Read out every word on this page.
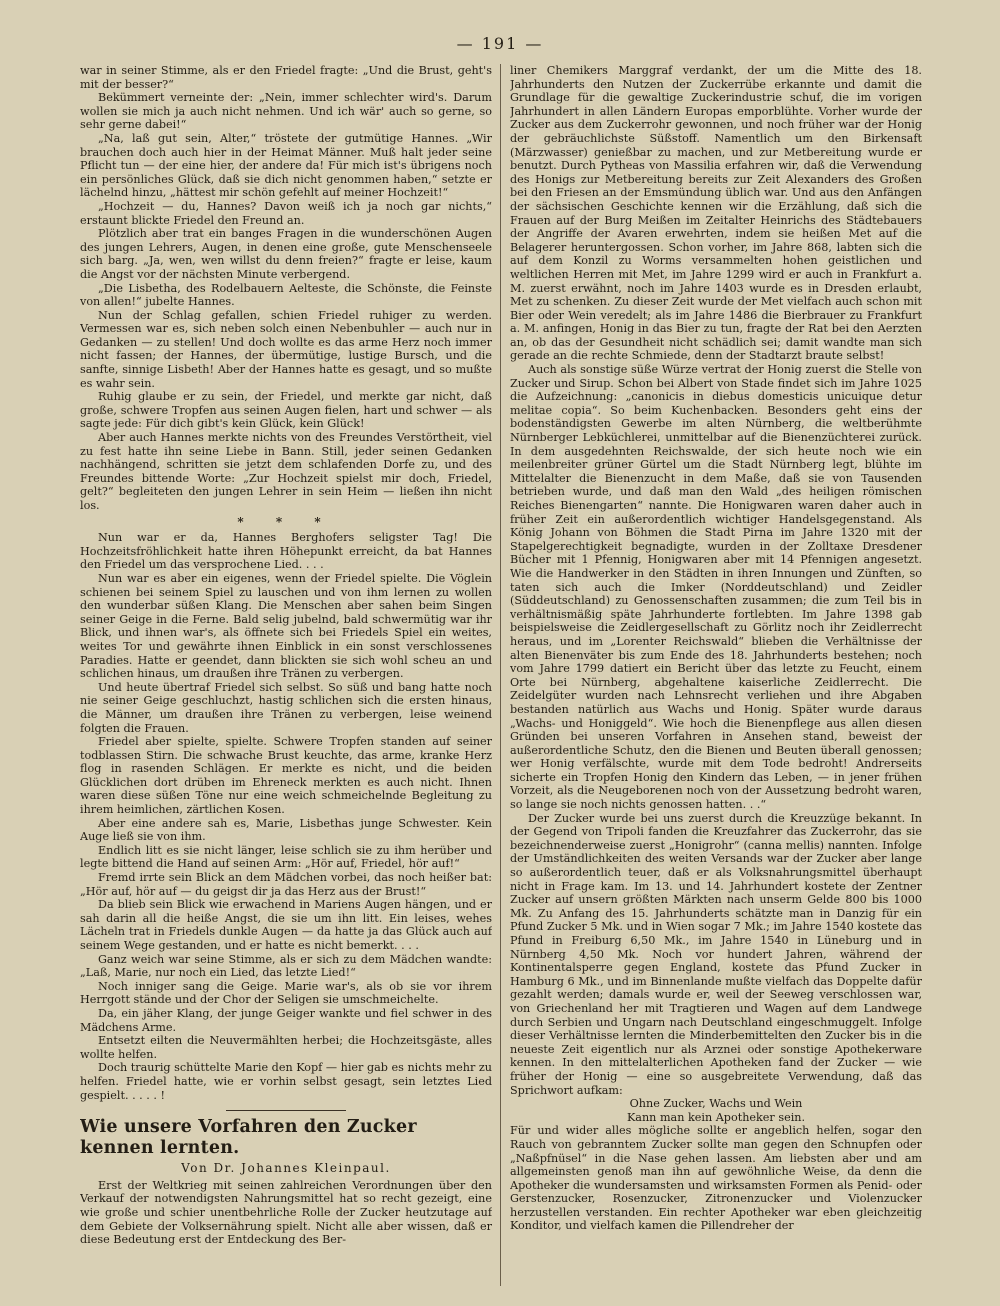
— 191 —

war in seiner Stimme, als er den Friedel fragte: „Und die Brust, geht's mit der besser?“

Bekümmert verneinte der: „Nein, immer schlechter wird's. Darum wollen sie mich ja auch nicht nehmen. Und ich wär' auch so gerne, so sehr gerne dabei!“

„Na, laß gut sein, Alter,“ tröstete der gutmütige Hannes. „Wir brauchen doch auch hier in der Heimat Männer. Muß halt jeder seine Pflicht tun — der eine hier, der andere da! Für mich ist's übrigens noch ein persönliches Glück, daß sie dich nicht genommen haben,“ setzte er lächelnd hinzu, „hättest mir schön gefehlt auf meiner Hochzeit!“

„Hochzeit — du, Hannes? Davon weiß ich ja noch gar nichts,“ erstaunt blickte Friedel den Freund an.

Plötzlich aber trat ein banges Fragen in die wunderschönen Augen des jungen Lehrers, Augen, in denen eine große, gute Menschenseele sich barg. „Ja, wen, wen willst du denn freien?“ fragte er leise, kaum die Angst vor der nächsten Minute verbergend.

„Die Lisbetha, des Rodelbauern Aelteste, die Schönste, die Feinste von allen!“ jubelte Hannes.

Nun der Schlag gefallen, schien Friedel ruhiger zu werden. Vermessen war es, sich neben solch einen Nebenbuhler — auch nur in Gedanken — zu stellen! Und doch wollte es das arme Herz noch immer nicht fassen; der Hannes, der übermütige, lustige Bursch, und die sanfte, sinnige Lisbeth! Aber der Hannes hatte es gesagt, und so mußte es wahr sein.

Ruhig glaube er zu sein, der Friedel, und merkte gar nicht, daß große, schwere Tropfen aus seinen Augen fielen, hart und schwer — als sagte jede: Für dich gibt's kein Glück, kein Glück!

Aber auch Hannes merkte nichts von des Freundes Verstörtheit, viel zu fest hatte ihn seine Liebe in Bann. Still, jeder seinen Gedanken nachhängend, schritten sie jetzt dem schlafenden Dorfe zu, und des Freundes bittende Worte: „Zur Hochzeit spielst mir doch, Friedel, gelt?“ begleiteten den jungen Lehrer in sein Heim — ließen ihn nicht los.

* * *

Nun war er da, Hannes Berghofers seligster Tag! Die Hochzeitsfröhlichkeit hatte ihren Höhepunkt erreicht, da bat Hannes den Friedel um das versprochene Lied. . . .

Nun war es aber ein eigenes, wenn der Friedel spielte. Die Vöglein schienen bei seinem Spiel zu lauschen und von ihm lernen zu wollen den wunderbar süßen Klang. Die Menschen aber sahen beim Singen seiner Geige in die Ferne. Bald selig jubelnd, bald schwermütig war ihr Blick, und ihnen war's, als öffnete sich bei Friedels Spiel ein weites, weites Tor und gewährte ihnen Einblick in ein sonst verschlossenes Paradies. Hatte er geendet, dann blickten sie sich wohl scheu an und schlichen hinaus, um draußen ihre Tränen zu verbergen.

Und heute übertraf Friedel sich selbst. So süß und bang hatte noch nie seiner Geige geschluchzt, hastig schlichen sich die ersten hinaus, die Männer, um draußen ihre Tränen zu verbergen, leise weinend folgten die Frauen.

Friedel aber spielte, spielte. Schwere Tropfen standen auf seiner todblassen Stirn. Die schwache Brust keuchte, das arme, kranke Herz flog in rasenden Schlägen. Er merkte es nicht, und die beiden Glücklichen dort drüben im Ehreneck merkten es auch nicht. Ihnen waren diese süßen Töne nur eine weich schmeichelnde Begleitung zu ihrem heimlichen, zärtlichen Kosen.

Aber eine andere sah es, Marie, Lisbethas junge Schwester. Kein Auge ließ sie von ihm.

Endlich litt es sie nicht länger, leise schlich sie zu ihm herüber und legte bittend die Hand auf seinen Arm: „Hör auf, Friedel, hör auf!“

Fremd irrte sein Blick an dem Mädchen vorbei, das noch heißer bat: „Hör auf, hör auf — du geigst dir ja das Herz aus der Brust!“

Da blieb sein Blick wie erwachend in Mariens Augen hängen, und er sah darin all die heiße Angst, die sie um ihn litt. Ein leises, wehes Lächeln trat in Friedels dunkle Augen — da hatte ja das Glück auch auf seinem Wege gestanden, und er hatte es nicht bemerkt. . . .

Ganz weich war seine Stimme, als er sich zu dem Mädchen wandte: „Laß, Marie, nur noch ein Lied, das letzte Lied!“

Noch inniger sang die Geige. Marie war's, als ob sie vor ihrem Herrgott stände und der Chor der Seligen sie umschmeichelte.

Da, ein jäher Klang, der junge Geiger wankte und fiel schwer in des Mädchens Arme.

Entsetzt eilten die Neuvermählten herbei; die Hochzeitsgäste, alles wollte helfen.

Doch traurig schüttelte Marie den Kopf — hier gab es nichts mehr zu helfen. Friedel hatte, wie er vorhin selbst gesagt, sein letztes Lied gespielt. . . . . !

Wie unsere Vorfahren den Zucker kennen lernten.
Von Dr. Johannes Kleinpaul.

Erst der Weltkrieg mit seinen zahlreichen Verordnungen über den Verkauf der notwendigsten Nahrungsmittel hat so recht gezeigt, eine wie große und schier unentbehrliche Rolle der Zucker heutzutage auf dem Gebiete der Volksernährung spielt. Nicht alle aber wissen, daß er diese Bedeutung erst der Entdeckung des Ber-

liner Chemikers Marggraf verdankt, der um die Mitte des 18. Jahrhunderts den Nutzen der Zuckerrübe erkannte und damit die Grundlage für die gewaltige Zuckerindustrie schuf, die im vorigen Jahrhundert in allen Ländern Europas emporblühte. Vorher wurde der Zucker aus dem Zuckerrohr gewonnen, und noch früher war der Honig der gebräuchlichste Süßstoff. Namentlich um den Birkensaft (Märzwasser) genießbar zu machen, und zur Metbereitung wurde er benutzt. Durch Pytheas von Massilia erfahren wir, daß die Verwendung des Honigs zur Metbereitung bereits zur Zeit Alexanders des Großen bei den Friesen an der Emsmündung üblich war. Und aus den Anfängen der sächsischen Geschichte kennen wir die Erzählung, daß sich die Frauen auf der Burg Meißen im Zeitalter Heinrichs des Städtebauers der Angriffe der Avaren erwehrten, indem sie heißen Met auf die Belagerer heruntergossen. Schon vorher, im Jahre 868, labten sich die auf dem Konzil zu Worms versammelten hohen geistlichen und weltlichen Herren mit Met, im Jahre 1299 wird er auch in Frankfurt a. M. zuerst erwähnt, noch im Jahre 1403 wurde es in Dresden erlaubt, Met zu schenken. Zu dieser Zeit wurde der Met vielfach auch schon mit Bier oder Wein veredelt; als im Jahre 1486 die Bierbrauer zu Frankfurt a. M. anfingen, Honig in das Bier zu tun, fragte der Rat bei den Aerzten an, ob das der Gesundheit nicht schädlich sei; damit wandte man sich gerade an die rechte Schmiede, denn der Stadtarzt braute selbst!

Auch als sonstige süße Würze vertrat der Honig zuerst die Stelle von Zucker und Sirup. Schon bei Albert von Stade findet sich im Jahre 1025 die Aufzeichnung: „canonicis in diebus domesticis unicuique detur melitae copia“. So beim Kuchenbacken. Besonders geht eins der bodenständigsten Gewerbe im alten Nürnberg, die weltberühmte Nürnberger Lebküchlerei, unmittelbar auf die Bienenzüchterei zurück. In dem ausgedehnten Reichswalde, der sich heute noch wie ein meilenbreiter grüner Gürtel um die Stadt Nürnberg legt, blühte im Mittelalter die Bienenzucht in dem Maße, daß sie von Tausenden betrieben wurde, und daß man den Wald „des heiligen römischen Reiches Bienengarten“ nannte. Die Honigwaren waren daher auch in früher Zeit ein außerordentlich wichtiger Handelsgegenstand. Als König Johann von Böhmen die Stadt Pirna im Jahre 1320 mit der Stapelgerechtigkeit begnadigte, wurden in der Zolltaxe Dresdener Bücher mit 1 Pfennig, Honigwaren aber mit 14 Pfennigen angesetzt. Wie die Handwerker in den Städten in ihren Innungen und Zünften, so taten sich auch die Imker (Norddeutschland) und Zeidler (Süddeutschland) zu Genossenschaften zusammen; die zum Teil bis in verhältnismäßig späte Jahrhunderte fortlebten. Im Jahre 1398 gab beispielsweise die Zeidlergesellschaft zu Görlitz noch ihr Zeidlerrecht heraus, und im „Lorenter Reichswald“ blieben die Verhältnisse der alten Bienenväter bis zum Ende des 18. Jahrhunderts bestehen; noch vom Jahre 1799 datiert ein Bericht über das letzte zu Feucht, einem Orte bei Nürnberg, abgehaltene kaiserliche Zeidlerrecht. Die Zeidelgüter wurden nach Lehnsrecht verliehen und ihre Abgaben bestanden natürlich aus Wachs und Honig. Später wurde daraus „Wachs- und Honiggeld“. Wie hoch die Bienenpflege aus allen diesen Gründen bei unseren Vorfahren in Ansehen stand, beweist der außerordentliche Schutz, den die Bienen und Beuten überall genossen; wer Honig verfälschte, wurde mit dem Tode bedroht! Andrerseits sicherte ein Tropfen Honig den Kindern das Leben, — in jener frühen Vorzeit, als die Neugeborenen noch von der Aussetzung bedroht waren, so lange sie noch nichts genossen hatten. . .“

Der Zucker wurde bei uns zuerst durch die Kreuzzüge bekannt. In der Gegend von Tripoli fanden die Kreuzfahrer das Zuckerrohr, das sie bezeichnenderweise zuerst „Honigrohr“ (canna mellis) nannten. Infolge der Umständlichkeiten des weiten Versands war der Zucker aber lange so außerordentlich teuer, daß er als Volksnahrungsmittel überhaupt nicht in Frage kam. Im 13. und 14. Jahrhundert kostete der Zentner Zucker auf unsern größten Märkten nach unserm Gelde 800 bis 1000 Mk. Zu Anfang des 15. Jahrhunderts schätzte man in Danzig für ein Pfund Zucker 5 Mk. und in Wien sogar 7 Mk.; im Jahre 1540 kostete das Pfund in Freiburg 6,50 Mk., im Jahre 1540 in Lüneburg und in Nürnberg 4,50 Mk. Noch vor hundert Jahren, während der Kontinentalsperre gegen England, kostete das Pfund Zucker in Hamburg 6 Mk., und im Binnenlande mußte vielfach das Doppelte dafür gezahlt werden; damals wurde er, weil der Seeweg verschlossen war, von Griechenland her mit Tragtieren und Wagen auf dem Landwege durch Serbien und Ungarn nach Deutschland eingeschmuggelt. Infolge dieser Verhältnisse lernten die Minderbemittelten den Zucker bis in die neueste Zeit eigentlich nur als Arznei oder sonstige Apothekerware kennen. In den mittelalterlichen Apotheken fand der Zucker — wie früher der Honig — eine so ausgebreitete Verwendung, daß das Sprichwort aufkam:

Ohne Zucker, Wachs und Wein

Kann man kein Apotheker sein.

Für und wider alles mögliche sollte er angeblich helfen, sogar den Rauch von gebranntem Zucker sollte man gegen den Schnupfen oder „Naßpfnüsel“ in die Nase gehen lassen. Am liebsten aber und am allgemeinsten genoß man ihn auf gewöhnliche Weise, da denn die Apotheker die wundersamsten und wirksamsten Formen als Penid- oder Gerstenzucker, Rosenzucker, Zitronenzucker und Violenzucker herzustellen verstanden. Ein rechter Apotheker war eben gleichzeitig Konditor, und vielfach kamen die Pillendreher der
